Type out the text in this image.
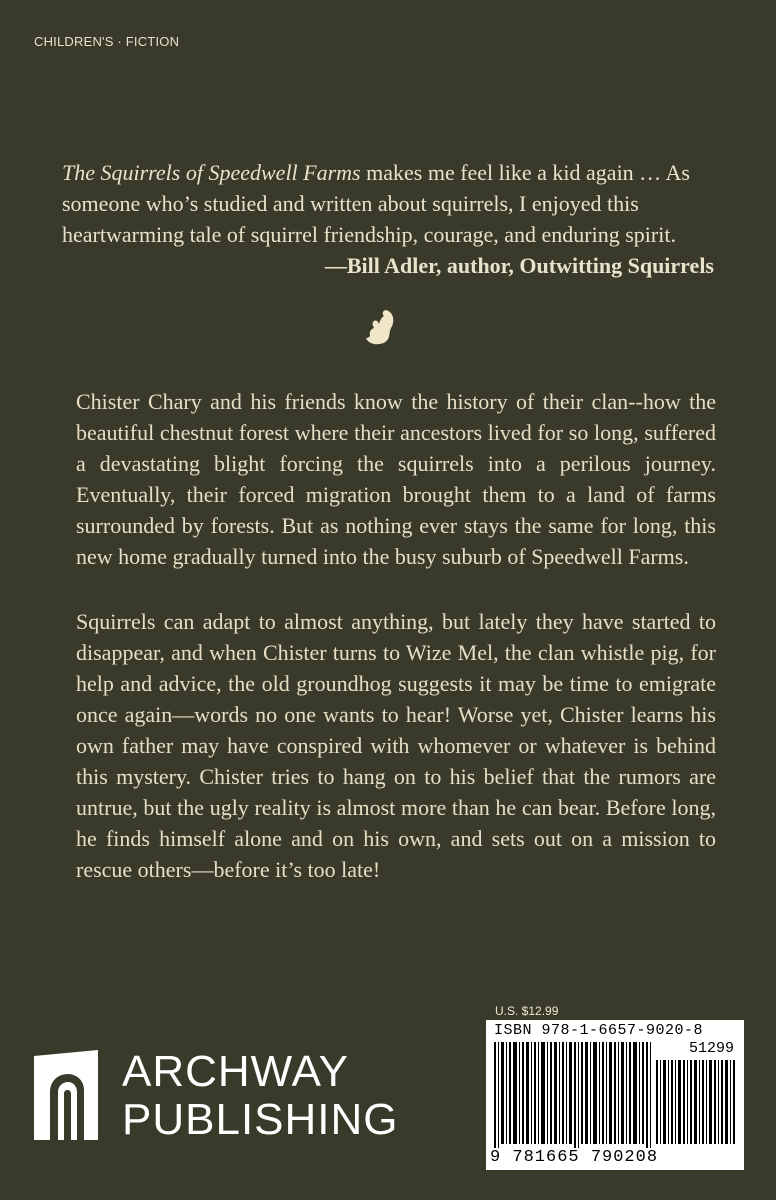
CHILDREN'S · FICTION
The Squirrels of Speedwell Farms makes me feel like a kid again … As someone who’s studied and written about squirrels, I enjoyed this heartwarming tale of squirrel friendship, courage, and enduring spirit.
—Bill Adler, author, Outwitting Squirrels
Chister Chary and his friends know the history of their clan--how the beautiful chestnut forest where their ancestors lived for so long, suffered a devastating blight forcing the squirrels into a perilous journey. Eventually, their forced migration brought them to a land of farms surrounded by forests. But as nothing ever stays the same for long, this new home gradually turned into the busy suburb of Speedwell Farms.
Squirrels can adapt to almost anything, but lately they have started to disappear, and when Chister turns to Wize Mel, the clan whistle pig, for help and advice, the old groundhog suggests it may be time to emigrate once again—words no one wants to hear! Worse yet, Chister learns his own father may have conspired with whomever or whatever is behind this mystery. Chister tries to hang on to his belief that the rumors are untrue, but the ugly reality is almost more than he can bear. Before long, he finds himself alone and on his own, and sets out on a mission to rescue others—before it’s too late!
U.S. $12.99
ISBN 978-1-6657-9020-8
51299
9 781665 790208
ARCHWAY
PUBLISHING
